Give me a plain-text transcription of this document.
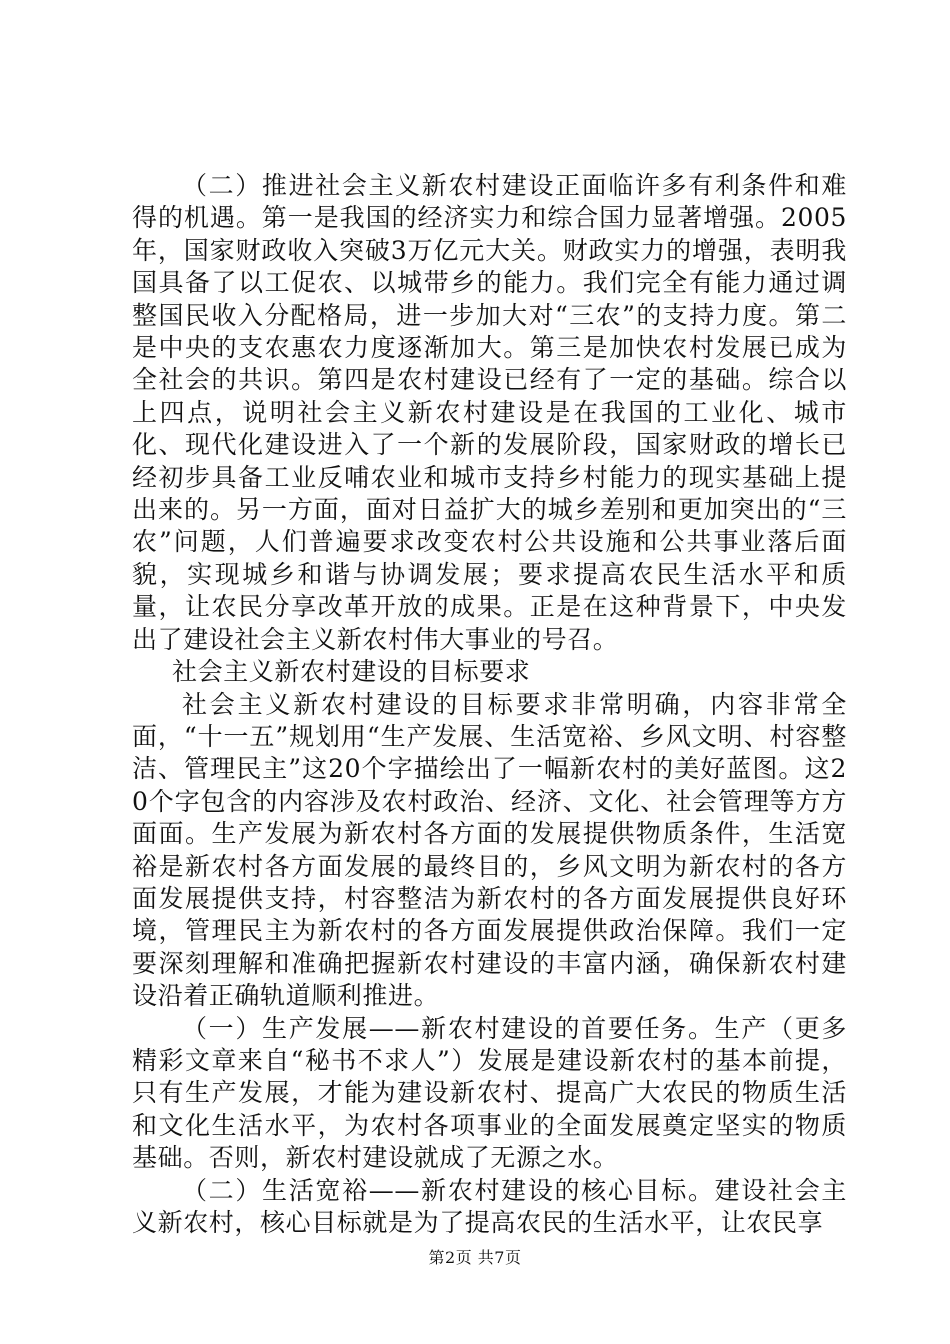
（二）推进社会主义新农村建设正面临许多有利条件和难得的机遇。第一是我国的经济实力和综合国力显著增强。2005年，国家财政收入突破3万亿元大关。财政实力的增强，表明我国具备了以工促农、以城带乡的能力。我们完全有能力通过调整国民收入分配格局，进一步加大对“三农”的支持力度。第二是中央的支农惠农力度逐渐加大。第三是加快农村发展已成为全社会的共识。第四是农村建设已经有了一定的基础。综合以上四点，说明社会主义新农村建设是在我国的工业化、城市化、现代化建设进入了一个新的发展阶段，国家财政的增长已经初步具备工业反哺农业和城市支持乡村能力的现实基础上提出来的。另一方面，面对日益扩大的城乡差别和更加突出的“三农”问题，人们普遍要求改变农村公共设施和公共事业落后面貌，实现城乡和谐与协调发展；要求提高农民生活水平和质量，让农民分享改革开放的成果。正是在这种背景下，中央发出了建设社会主义新农村伟大事业的号召。

社会主义新农村建设的目标要求

社会主义新农村建设的目标要求非常明确，内容非常全面，“十一五”规划用“生产发展、生活宽裕、乡风文明、村容整洁、管理民主”这20个字描绘出了一幅新农村的美好蓝图。这20个字包含的内容涉及农村政治、经济、文化、社会管理等方方面面。生产发展为新农村各方面的发展提供物质条件，生活宽裕是新农村各方面发展的最终目的，乡风文明为新农村的各方面发展提供支持，村容整洁为新农村的各方面发展提供良好环境，管理民主为新农村的各方面发展提供政治保障。我们一定要深刻理解和准确把握新农村建设的丰富内涵，确保新农村建设沿着正确轨道顺利推进。

（一）生产发展——新农村建设的首要任务。生产（更多精彩文章来自“秘书不求人”）发展是建设新农村的基本前提，只有生产发展，才能为建设新农村、提高广大农民的物质生活和文化生活水平，为农村各项事业的全面发展奠定坚实的物质基础。否则，新农村建设就成了无源之水。

（二）生活宽裕——新农村建设的核心目标。建设社会主义新农村，核心目标就是为了提高农民的生活水平，让农民享

第2页 共7页
